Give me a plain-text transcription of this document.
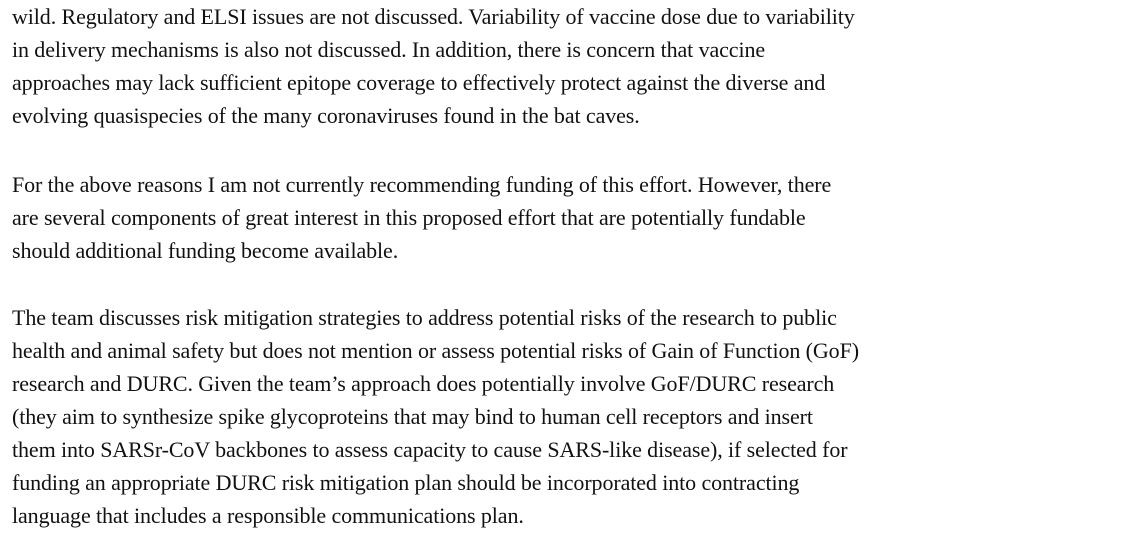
wild. Regulatory and ELSI issues are not discussed. Variability of vaccine dose due to variability
in delivery mechanisms is also not discussed. In addition, there is concern that vaccine
approaches may lack sufficient epitope coverage to effectively protect against the diverse and
evolving quasispecies of the many coronaviruses found in the bat caves.
For the above reasons I am not currently recommending funding of this effort. However, there
are several components of great interest in this proposed effort that are potentially fundable
should additional funding become available.
The team discusses risk mitigation strategies to address potential risks of the research to public
health and animal safety but does not mention or assess potential risks of Gain of Function (GoF)
research and DURC. Given the team’s approach does potentially involve GoF/DURC research
(they aim to synthesize spike glycoproteins that may bind to human cell receptors and insert
them into SARSr-CoV backbones to assess capacity to cause SARS-like disease), if selected for
funding an appropriate DURC risk mitigation plan should be incorporated into contracting
language that includes a responsible communications plan.
